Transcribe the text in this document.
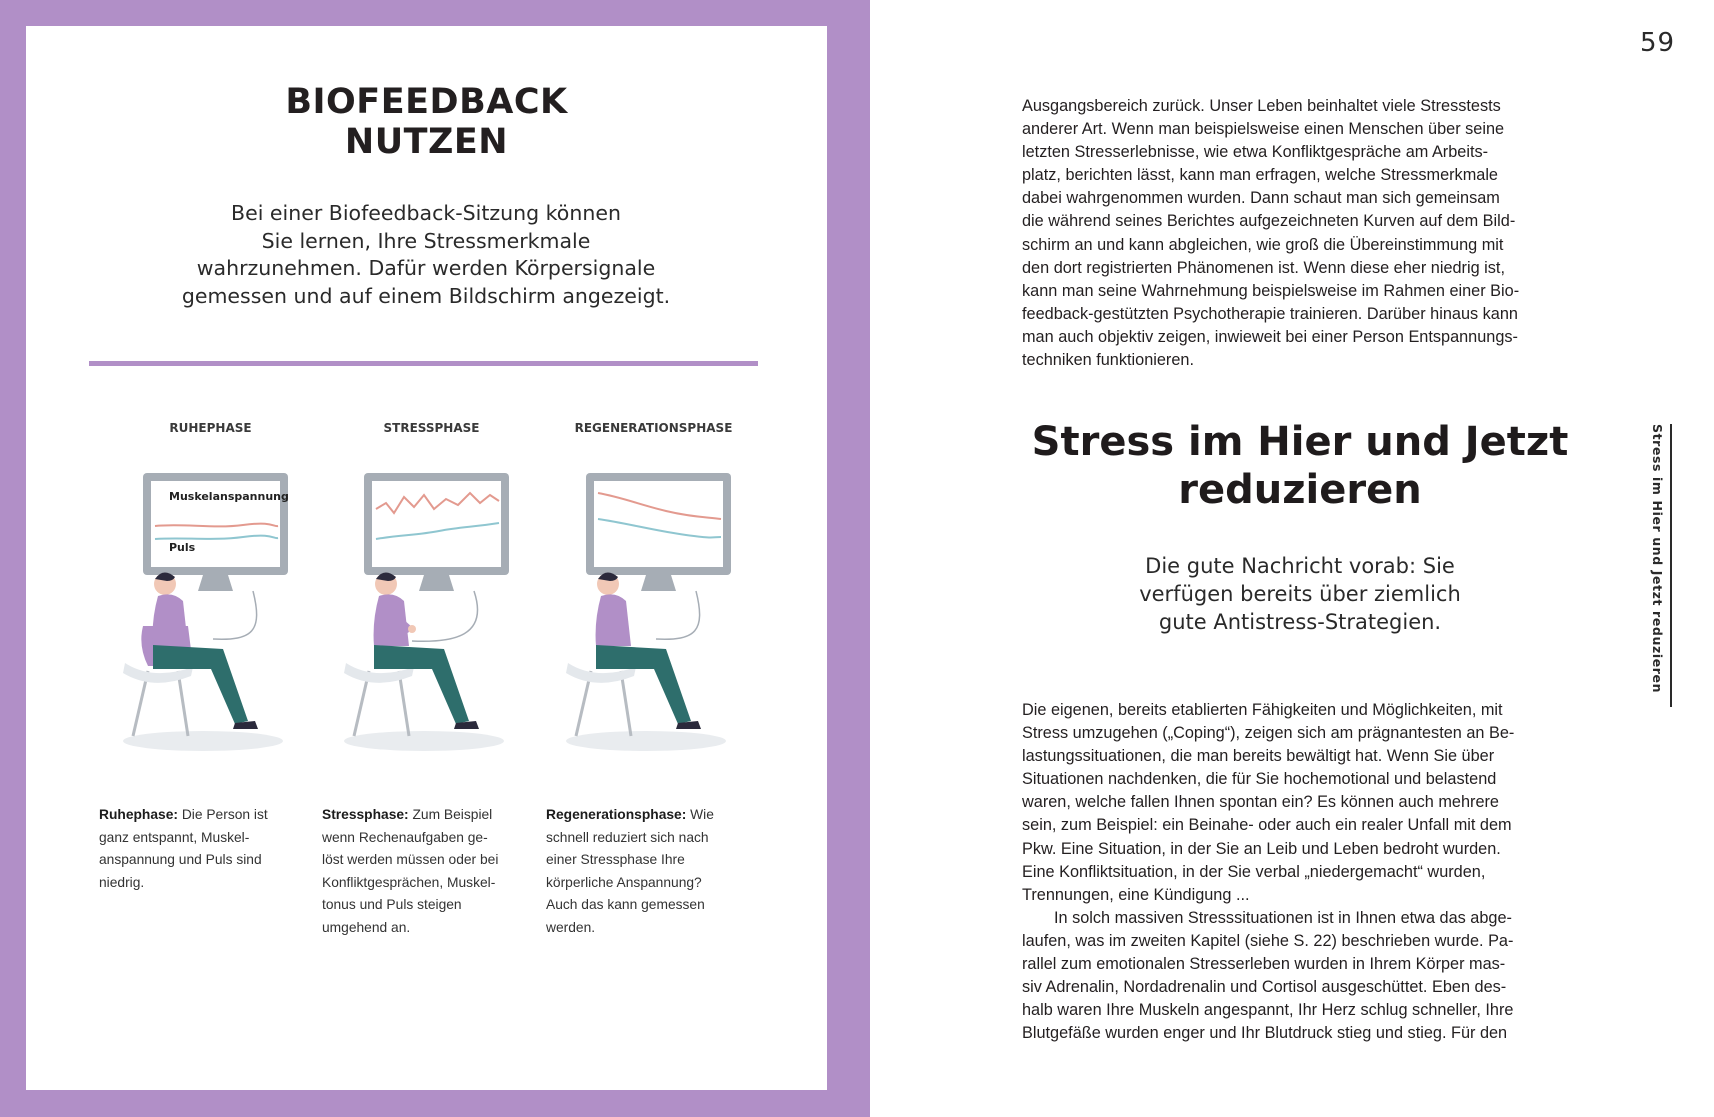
BIOFEEDBACK
NUTZEN

Bei einer Biofeedback-Sitzung können
Sie lernen, Ihre Stressmerkmale
wahrzunehmen. Dafür werden Körpersignale
gemessen und auf einem Bildschirm angezeigt.

RUHEPHASE
Muskelanspannung
Puls
STRESSPHASE	REGENERATIONSPHASE

Ruhephase: Die Person ist
ganz entspannt, Muskel-
anspannung und Puls sind
niedrig.

Stressphase: Zum Beispiel
wenn Rechenaufgaben ge-
löst werden müssen oder bei
Konfliktgesprächen, Muskel-
tonus und Puls steigen
umgehend an.

Regenerationsphase: Wie
schnell reduziert sich nach
einer Stressphase Ihre
körperliche Anspannung?
Auch das kann gemessen
werden.

59

Ausgangsbereich zurück. Unser Leben beinhaltet viele Stresstests
anderer Art. Wenn man beispielsweise einen Menschen über seine
letzten Stresserlebnisse, wie etwa Konfliktgespräche am Arbeits-
platz, berichten lässt, kann man erfragen, welche Stressmerkmale
dabei wahrgenommen wurden. Dann schaut man sich gemeinsam
die während seines Berichtes aufgezeichneten Kurven auf dem Bild-
schirm an und kann abgleichen, wie groß die Übereinstimmung mit
den dort registrierten Phänomenen ist. Wenn diese eher niedrig ist,
kann man seine Wahrnehmung beispielsweise im Rahmen einer Bio-
feedback-gestützten Psychotherapie trainieren. Darüber hinaus kann
man auch objektiv zeigen, inwieweit bei einer Person Entspannungs-
techniken funktionieren.

Stress im Hier und Jetzt
reduzieren

Die gute Nachricht vorab: Sie
verfügen bereits über ziemlich
gute Antistress-Strategien.

Die eigenen, bereits etablierten Fähigkeiten und Möglichkeiten, mit
Stress umzugehen („Coping“), zeigen sich am prägnantesten an Be-
lastungssituationen, die man bereits bewältigt hat. Wenn Sie über
Situationen nachdenken, die für Sie hochemotional und belastend
waren, welche fallen Ihnen spontan ein? Es können auch mehrere
sein, zum Beispiel: ein Beinahe- oder auch ein realer Unfall mit dem
Pkw. Eine Situation, in der Sie an Leib und Leben bedroht wurden.
Eine Konfliktsituation, in der Sie verbal „niedergemacht“ wurden,
Trennungen, eine Kündigung ...
In solch massiven Stresssituationen ist in Ihnen etwa das abge-
laufen, was im zweiten Kapitel (siehe S. 22) beschrieben wurde. Pa-
rallel zum emotionalen Stresserleben wurden in Ihrem Körper mas-
siv Adrenalin, Nordadrenalin und Cortisol ausgeschüttet. Eben des-
halb waren Ihre Muskeln angespannt, Ihr Herz schlug schneller, Ihre
Blutgefäße wurden enger und Ihr Blutdruck stieg und stieg. Für den

Stress im Hier und Jetzt reduzieren
